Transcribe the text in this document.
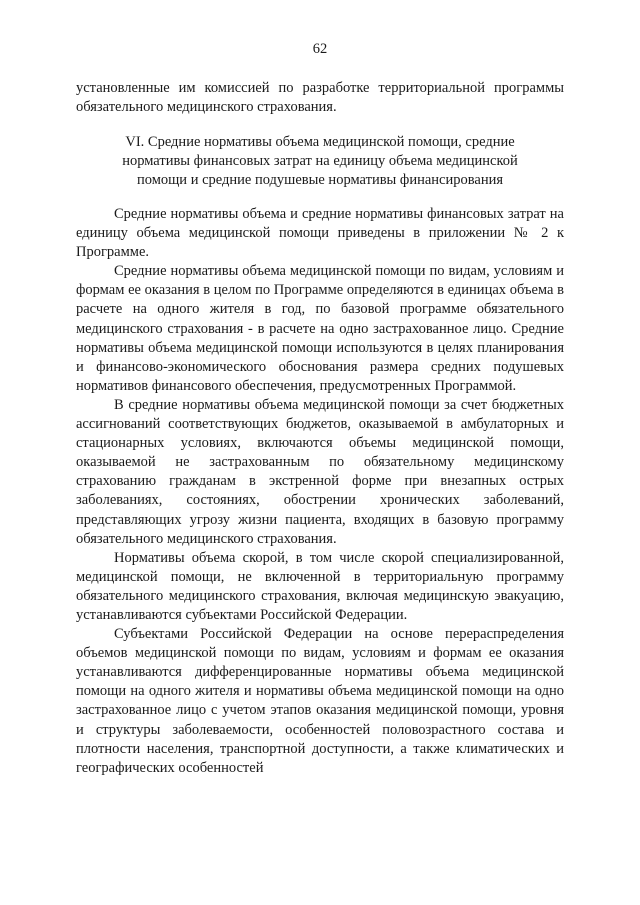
62
установленные им комиссией по разработке территориальной программы обязательного медицинского страхования.
VI. Средние нормативы объема медицинской помощи, средние
нормативы финансовых затрат на единицу объема медицинской
помощи и средние подушевые нормативы финансирования

Средние нормативы объема и средние нормативы финансовых затрат на единицу объема медицинской помощи приведены в приложении № 2 к Программе.

Средние нормативы объема медицинской помощи по видам, условиям и формам ее оказания в целом по Программе определяются в единицах объема в расчете на одного жителя в год, по базовой программе обязательного медицинского страхования - в расчете на одно застрахованное лицо. Средние нормативы объема медицинской помощи используются в целях планирования и финансово-экономического обоснования размера средних подушевых нормативов финансового обеспечения, предусмотренных Программой.

В средние нормативы объема медицинской помощи за счет бюджетных ассигнований соответствующих бюджетов, оказываемой в амбулаторных и стационарных условиях, включаются объемы медицинской помощи, оказываемой не застрахованным по обязательному медицинскому страхованию гражданам в экстренной форме при внезапных острых заболеваниях, состояниях, обострении хронических заболеваний, представляющих угрозу жизни пациента, входящих в базовую программу обязательного медицинского страхования.

Нормативы объема скорой, в том числе скорой специализированной, медицинской помощи, не включенной в территориальную программу обязательного медицинского страхования, включая медицинскую эвакуацию, устанавливаются субъектами Российской Федерации.

Субъектами Российской Федерации на основе перераспределения объемов медицинской помощи по видам, условиям и формам ее оказания устанавливаются дифференцированные нормативы объема медицинской помощи на одного жителя и нормативы объема медицинской помощи на одно застрахованное лицо с учетом этапов оказания медицинской помощи, уровня и структуры заболеваемости, особенностей половозрастного состава и плотности населения, транспортной доступности, а также климатических и географических особенностей
